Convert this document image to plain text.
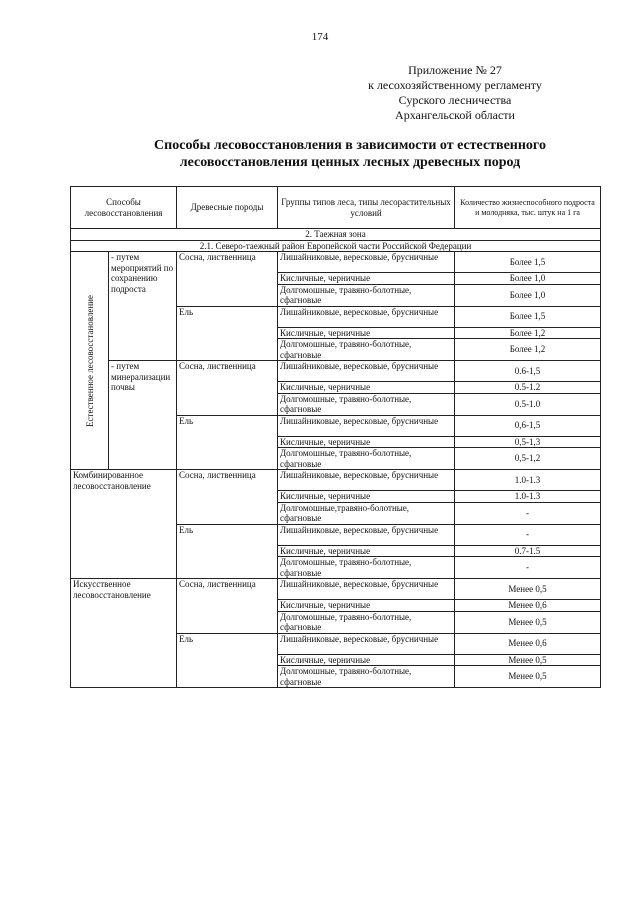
174
Приложение № 27
к лесохозяйственному регламенту
Сурского лесничества
Архангельской области
Способы лесовосстановления в зависимости от естественного
лесовосстановления ценных лесных древесных пород
Способы лесовосстановления		Древесные породы	Группы типов леса, типы лесорастительных условий	Количество жизнеспособного подроста и молодняка, тыс. штук на 1 га
2. Таежная зона				
2.1. Северо-таежный район Европейской части Российской Федерации				

Естественное лесовосстановление	- путем мероприятий по сохранению подроста	Сосна, лиственница	Лишайниковые, вересковые, брусничные	Более 1,5
			Кисличные, черничные	Более 1,0
			Долгомошные, травяно-болотные, сфагновые	Более 1,0
		Ель	Лишайниковые, вересковые, брусничные	Более 1,5
			Кисличные, черничные	Более 1,2
			Долгомошные, травяно-болотные, сфагновые	Более 1,2
	- путем минерализации почвы	Сосна, лиственница	Лишайниковые, вересковые, брусничные	0.6-1,5
			Кисличные, черничные	0.5-1.2
			Долгомошные, травяно-болотные, сфагновые	0.5-1.0
		Ель	Лишайниковые, вересковые, брусничные	0,6-1,5
			Кисличные, черничные	0,5-1,3
			Долгомошные, травяно-болотные, сфагновые	0,5-1,2
Комбинированное лесовосстановление		Сосна, лиственница	Лишайниковые, вересковые, брусничные	1.0-1.3
			Кисличные, черничные	1.0-1.3
			Долгомошные,травяно-болотные, сфагновые	-
		Ель	Лишайниковые, вересковые, брусничные	-
			Кисличные, черничные	0.7-1.5
			Долгомошные, травяно-болотные, сфагновые	-
Искусственное лесовосстановление		Сосна, лиственница	Лишайниковые, вересковые, брусничные	Менее 0,5
			Кисличные, черничные	Менее 0,6
			Долгомошные, травяно-болотные, сфагновые	Менее 0,5
		Ель	Лишайниковые, вересковые, брусничные	Менее 0,6
			Кисличные, черничные	Менее 0,5
			Долгомошные, травяно-болотные, сфагновые	Менее 0,5
